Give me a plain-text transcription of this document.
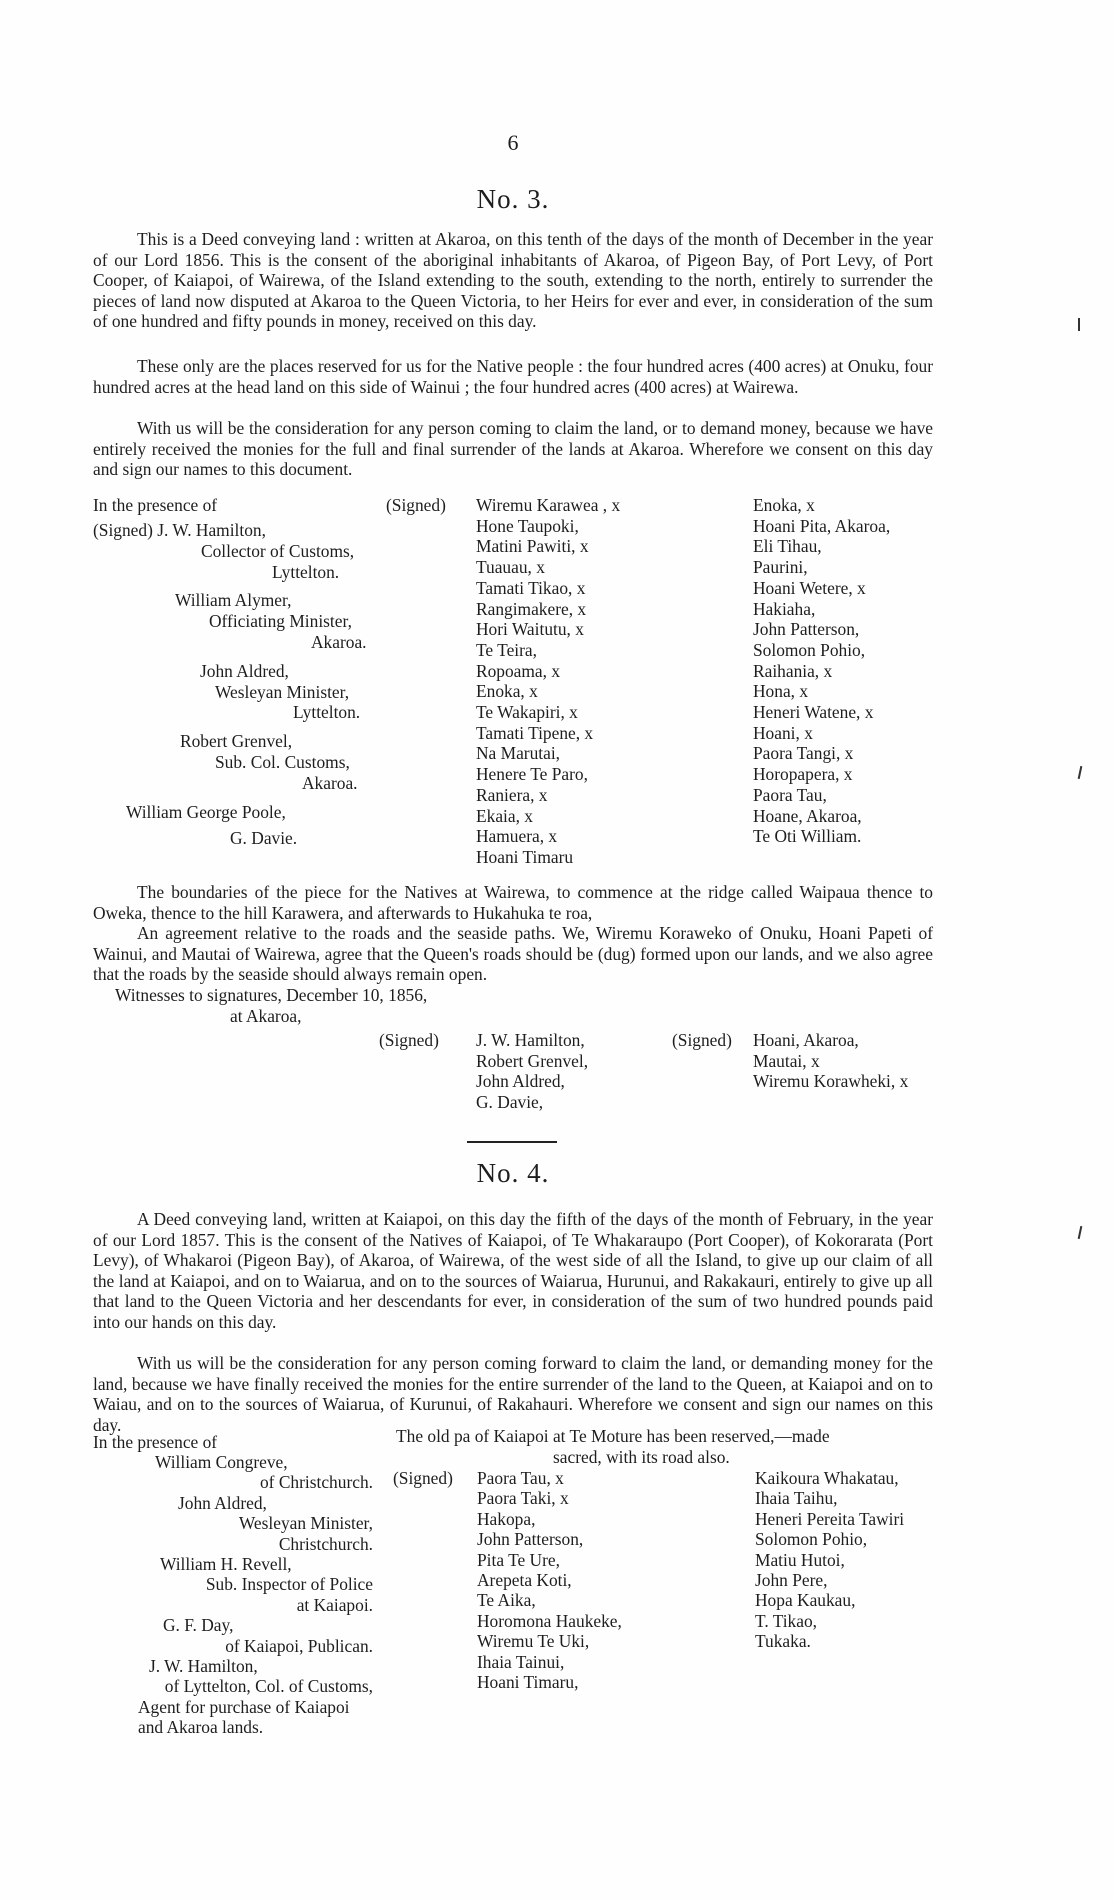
6
No. 3.

This is a Deed conveying land : written at Akaroa, on this tenth of the days of the month of December in the year of our Lord 1856. This is the consent of the aboriginal inhabitants of Akaroa, of Pigeon Bay, of Port Levy, of Port Cooper, of Kaiapoi, of Wairewa, of the Island extending to the south, extending to the north, entirely to surrender the pieces of land now disputed at Akaroa to the Queen Victoria, to her Heirs for ever and ever, in consideration of the sum of one hundred and fifty pounds in money, received on this day.

These only are the places reserved for us for the Native people : the four hundred acres (400 acres) at Onuku, four hundred acres at the head land on this side of Wainui ; the four hundred acres (400 acres) at Wairewa.

With us will be the consideration for any person coming to claim the land, or to demand money, because we have entirely received the monies for the full and final surrender of the lands at Akaroa. Wherefore we consent on this day and sign our names to this document.

In the presence of
(Signed) J. W. Hamilton,
Collector of Customs,
Lyttelton.
William Alymer,
Officiating Minister,
Akaroa.
John Aldred,
Wesleyan Minister,
Lyttelton.
Robert Grenvel,
Sub. Col. Customs,
Akaroa.
William George Poole,
G. Davie.
(Signed) Wiremu Karawea , x
Hone Taupoki,
Matini Pawiti, x
Tuauau, x
Tamati Tikao, x
Rangimakere, x
Hori Waitutu, x
Te Teira,
Ropoama, x
Enoka, x
Te Wakapiri, x
Tamati Tipene, x
Na Marutai,
Henere Te Paro,
Raniera, x
Ekaia, x
Hamuera, x
Hoani Timaru
Enoka, x
Hoani Pita, Akaroa,
Eli Tihau,
Paurini,
Hoani Wetere, x
Hakiaha,
John Patterson,
Solomon Pohio,
Raihania, x
Hona, x
Heneri Watene, x
Hoani, x
Paora Tangi, x
Horopapera, x
Paora Tau,
Hoane, Akaroa,
Te Oti William.

The boundaries of the piece for the Natives at Wairewa, to commence at the ridge called Waipaua thence to Oweka, thence to the hill Karawera, and afterwards to Hukahuka te roa,

An agreement relative to the roads and the seaside paths. We, Wiremu Koraweko of Onuku, Hoani Papeti of Wainui, and Mautai of Wairewa, agree that the Queen's roads should be (dug) formed upon our lands, and we also agree that the roads by the seaside should always remain open.

Witnesses to signatures, December 10, 1856,
at Akaroa,
(Signed) J. W. Hamilton,
Robert Grenvel,
John Aldred,
G. Davie,
(Signed) Hoani, Akaroa,
Mautai, x
Wiremu Korawheki, x
No. 4.

A Deed conveying land, written at Kaiapoi, on this day the fifth of the days of the month of February, in the year of our Lord 1857. This is the consent of the Natives of Kaiapoi, of Te Whakaraupo (Port Cooper), of Kokorarata (Port Levy), of Whakaroi (Pigeon Bay), of Akaroa, of Wairewa, of the west side of all the Island, to give up our claim of all the land at Kaiapoi, and on to Waiarua, and on to the sources of Waiarua, Hurunui, and Rakakauri, entirely to give up all that land to the Queen Victoria and her descendants for ever, in consideration of the sum of two hundred pounds paid into our hands on this day.

With us will be the consideration for any person coming forward to claim the land, or demanding money for the land, because we have finally received the monies for the entire surrender of the land to the Queen, at Kaiapoi and on to Waiau, and on to the sources of Waiarua, of Kurunui, of Rakahauri. Wherefore we consent and sign our names on this day.

In the presence of	The old pa of Kaiapoi at Te Moture has been reserved,—made
sacred, with its road also.
William Congreve,
of Christchurch.
John Aldred,
Wesleyan Minister,
Christchurch.
William H. Revell,
Sub. Inspector of Police
at Kaiapoi.
G. F. Day,
of Kaiapoi, Publican.
J. W. Hamilton,
of Lyttelton, Col. of Customs,
Agent for purchase of Kaiapoi
and Akaroa lands.
(Signed) Paora Tau, x
Paora Taki, x
Hakopa,
John Patterson,
Pita Te Ure,
Arepeta Koti,
Te Aika,
Horomona Haukeke,
Wiremu Te Uki,
Ihaia Tainui,
Hoani Timaru,
Kaikoura Whakatau,
Ihaia Taihu,
Heneri Pereita Tawiri
Solomon Pohio,
Matiu Hutoi,
John Pere,
Hopa Kaukau,
T. Tikao,
Tukaka.
